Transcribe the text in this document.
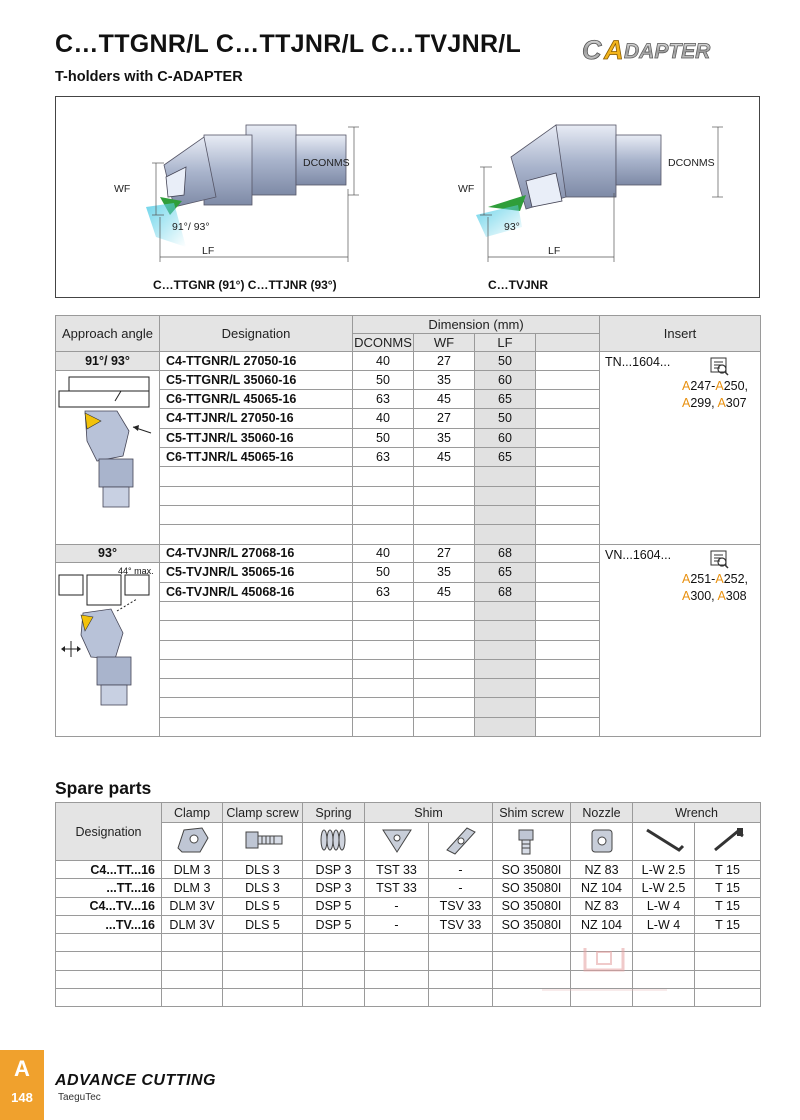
C…TTGNR/L C…TTJNR/L C…TVJNR/L
T-holders with C-ADAPTER
C A DAPTER
WF
DCONMS
LF
91°/ 93°
C…TTGNR (91°) C…TTJNR (93°)
WF
DCONMS
LF
93°
C…TVJNR
Approach angle	Designation	Dimension (mm)				Insert
		DCONMS	WF	LF		
91°/ 93°	C4-TTGNR/L 27050-16	40	27	50		TN...1604...
A247-A250,
A299, A307

	C5-TTGNR/L 35060-16	50	35	60		
	C6-TTGNR/L 45065-16	63	45	65		
	C4-TTJNR/L 27050-16	40	27	50		
	C5-TTJNR/L 35060-16	50	35	60		
	C6-TTJNR/L 45065-16	63	45	65		

93°	C4-TVJNR/L 27068-16	40	27	68		VN...1604...
A251-A252,
A300, A308

44° max.	C5-TVJNR/L 35065-16	50	35	65		
	C6-TVJNR/L 45068-16	63	45	68		

Spare parts
Designation	Clamp	Clamp screw	Spring	Shim		Shim screw	Nozzle	Wrench	

C4...TT...16	DLM 3	DLS 3	DSP 3	TST 33	-	SO 35080I	NZ 83	L-W 2.5	T 15
...TT...16	DLM 3	DLS 3	DSP 3	TST 33	-	SO 35080I	NZ 104	L-W 2.5	T 15
C4...TV...16	DLM 3V	DLS 5	DSP 5	-	TSV 33	SO 35080I	NZ 83	L-W 4	T 15
...TV...16	DLM 3V	DLS 5	DSP 5	-	TSV 33	SO 35080I	NZ 104	L-W 4	T 15

A
148
ADVANCE CUTTING
TaeguTec
